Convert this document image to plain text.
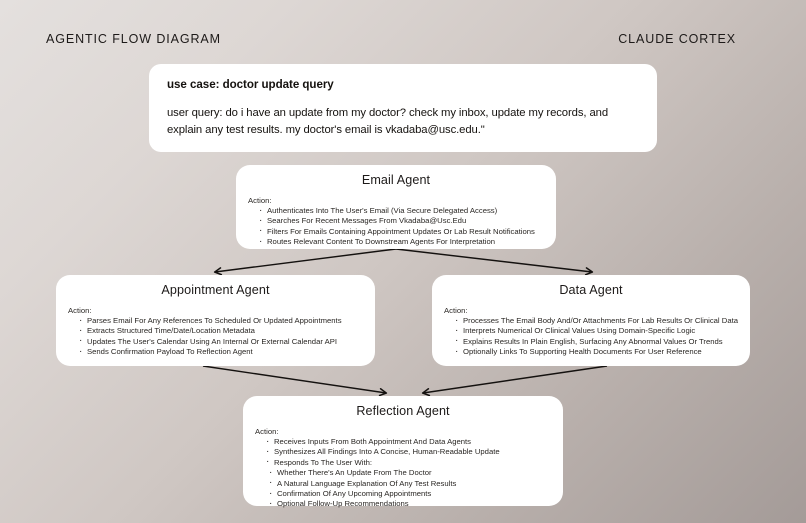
AGENTIC FLOW DIAGRAM	CLAUDE CORTEX
use case: doctor update query
user query: do i have an update from my doctor? check my inbox, update my records, and explain any test results. my doctor's email is vkadaba@usc.edu."
Email Agent
Action:
· Authenticates Into The User's Email (Via Secure Delegated Access)
· Searches For Recent Messages From Vkadaba@Usc.Edu
· Filters For Emails Containing Appointment Updates Or Lab Result Notifications
· Routes Relevant Content To Downstream Agents For Interpretation
Appointment Agent
Action:
· Parses Email For Any References To Scheduled Or Updated Appointments
· Extracts Structured Time/Date/Location Metadata
· Updates The User's Calendar Using An Internal Or External Calendar API
· Sends Confirmation Payload To Reflection Agent
Data Agent
Action:
· Processes The Email Body And/Or Attachments For Lab Results Or Clinical Data
· Interprets Numerical Or Clinical Values Using Domain-Specific Logic
· Explains Results In Plain English, Surfacing Any Abnormal Values Or Trends
· Optionally Links To Supporting Health Documents For User Reference
Reflection Agent
Action:
· Receives Inputs From Both Appointment And Data Agents
· Synthesizes All Findings Into A Concise, Human-Readable Update
· Responds To The User With:
· Whether There's An Update From The Doctor
· A Natural Language Explanation Of Any Test Results
· Confirmation Of Any Upcoming Appointments
· Optional Follow-Up Recommendations
